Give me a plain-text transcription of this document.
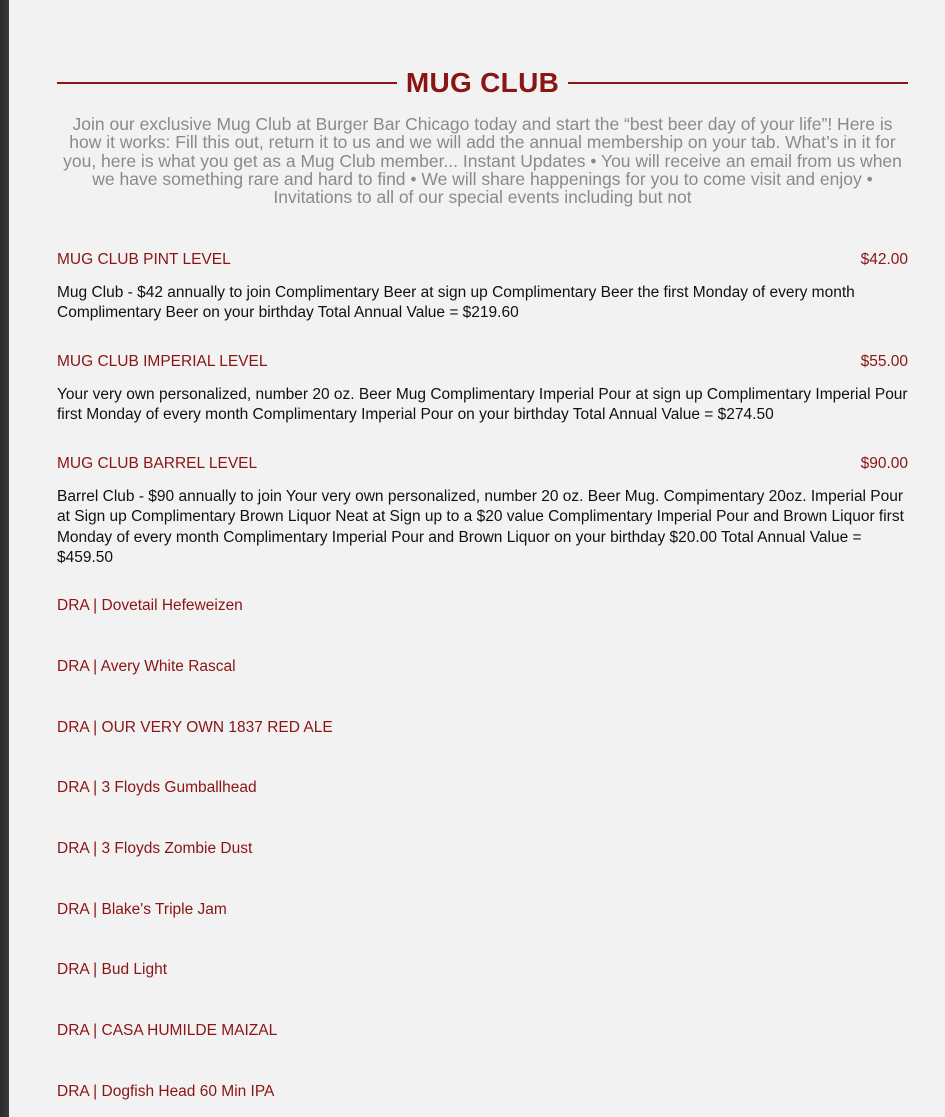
MUG CLUB
Join our exclusive Mug Club at Burger Bar Chicago today and start the “best beer day of your life”! Here is how it works: Fill this out, return it to us and we will add the annual membership on your tab. What’s in it for you, here is what you get as a Mug Club member... Instant Updates • You will receive an email from us when we have something rare and hard to find • We will share happenings for you to come visit and enjoy • Invitations to all of our special events including but not
MUG CLUB PINT LEVEL	$42.00
Mug Club - $42 annually to join Complimentary Beer at sign up Complimentary Beer the first Monday of every month Complimentary Beer on your birthday Total Annual Value = $219.60
MUG CLUB IMPERIAL LEVEL	$55.00
Your very own personalized, number 20 oz. Beer Mug Complimentary Imperial Pour at sign up Complimentary Imperial Pour first Monday of every month Complimentary Imperial Pour on your birthday Total Annual Value = $274.50
MUG CLUB BARREL LEVEL	$90.00
Barrel Club - $90 annually to join Your very own personalized, number 20 oz. Beer Mug. Compimentary 20oz. Imperial Pour at Sign up Complimentary Brown Liquor Neat at Sign up to a $20 value Complimentary Imperial Pour and Brown Liquor first Monday of every month Complimentary Imperial Pour and Brown Liquor on your birthday $20.00 Total Annual Value = $459.50
DRA | Dovetail Hefeweizen
DRA | Avery White Rascal
DRA | OUR VERY OWN 1837 RED ALE
DRA | 3 Floyds Gumballhead
DRA | 3 Floyds Zombie Dust
DRA | Blake's Triple Jam
DRA | Bud Light
DRA | CASA HUMILDE MAIZAL
DRA | Dogfish Head 60 Min IPA
